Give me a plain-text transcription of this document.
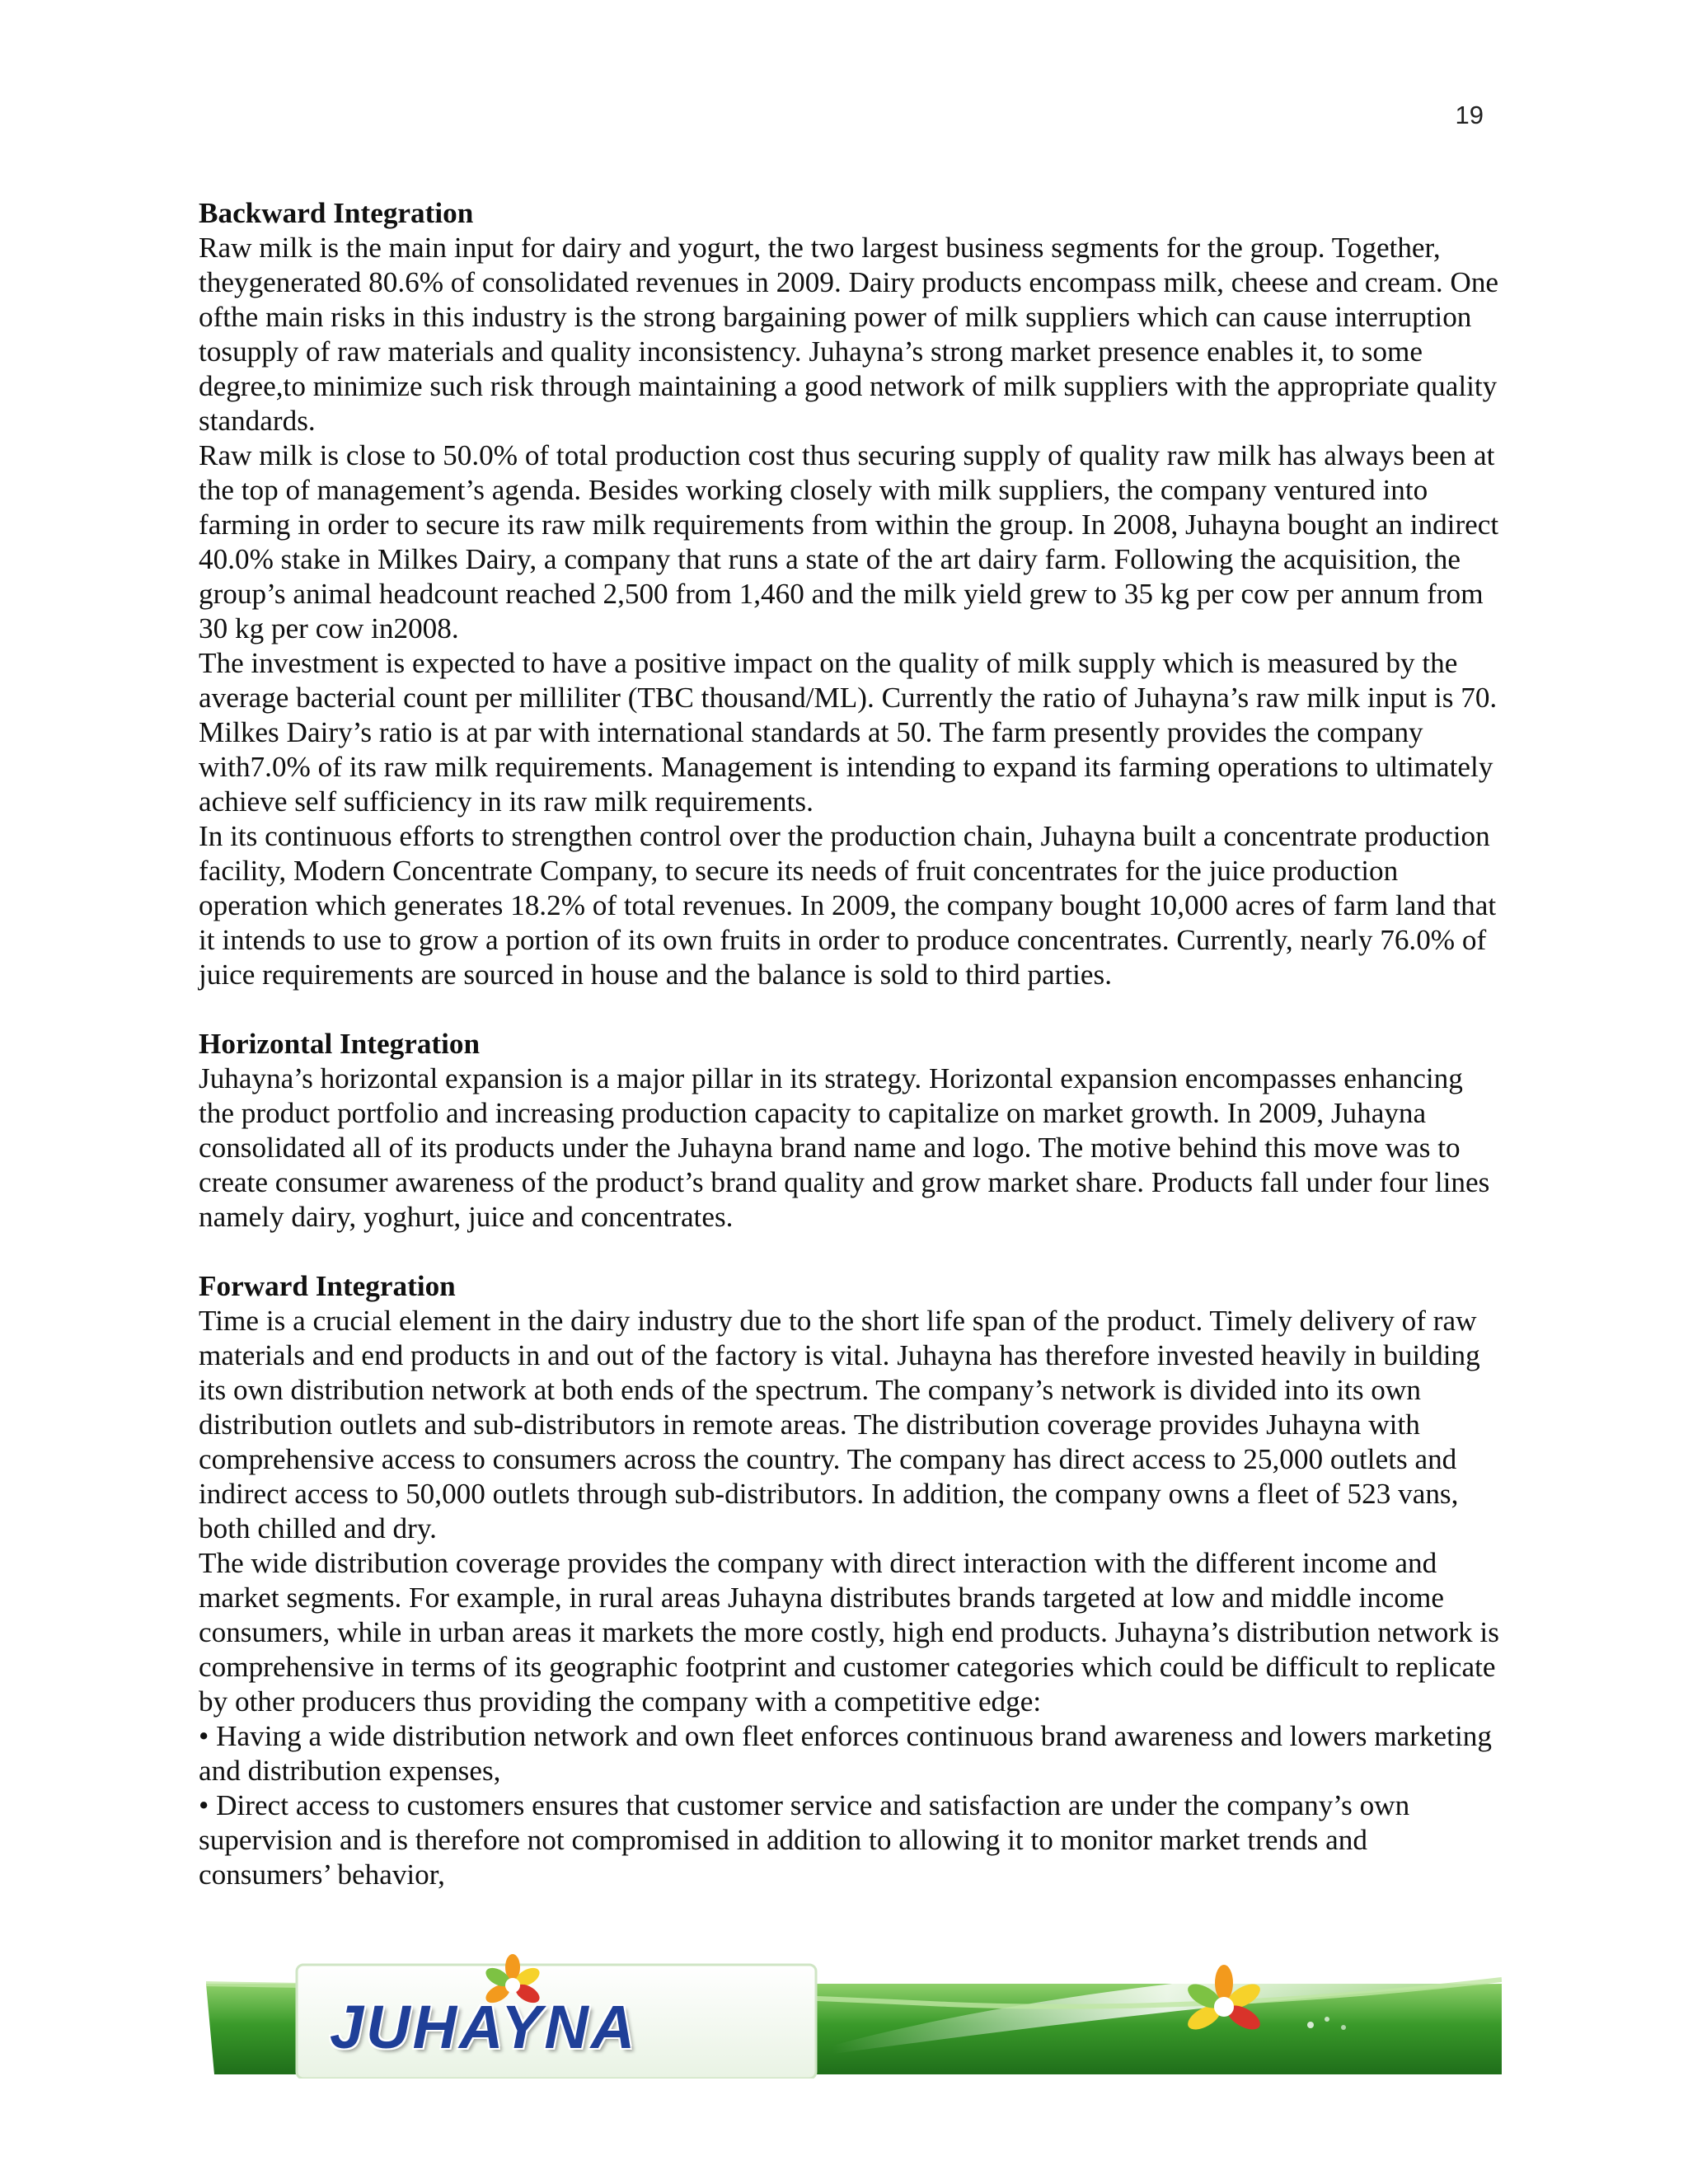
19

Backward Integration

Raw milk is the main input for dairy and yogurt, the two largest business segments for the group. Together, theygenerated 80.6% of consolidated revenues in 2009. Dairy products encompass milk, cheese and cream. One ofthe main risks in this industry is the strong bargaining power of milk suppliers which can cause interruption tosupply of raw materials and quality inconsistency. Juhayna’s strong market presence enables it, to some degree,to minimize such risk through maintaining a good network of milk suppliers with the appropriate quality standards.

Raw milk is close to 50.0% of total production cost thus securing supply of quality raw milk has always been at the top of management’s agenda. Besides working closely with milk suppliers, the company ventured into farming in order to secure its raw milk requirements from within the group. In 2008, Juhayna bought an indirect 40.0% stake in Milkes Dairy, a company that runs a state of the art dairy farm. Following the acquisition, the group’s animal headcount reached 2,500 from 1,460 and the milk yield grew to 35 kg per cow per annum from 30 kg per cow in2008.

The investment is expected to have a positive impact on the quality of milk supply which is measured by the average bacterial count per milliliter (TBC thousand/ML). Currently the ratio of Juhayna’s raw milk input is 70.

Milkes Dairy’s ratio is at par with international standards at 50. The farm presently provides the company with7.0% of its raw milk requirements. Management is intending to expand its farming operations to ultimately achieve self sufficiency in its raw milk requirements.

In its continuous efforts to strengthen control over the production chain, Juhayna built a concentrate production facility, Modern Concentrate Company, to secure its needs of fruit concentrates for the juice production operation which generates 18.2% of total revenues. In 2009, the company bought 10,000 acres of farm land that it intends to use to grow a portion of its own fruits in order to produce concentrates. Currently, nearly 76.0% of juice requirements are sourced in house and the balance is sold to third parties.

Horizontal Integration

Juhayna’s horizontal expansion is a major pillar in its strategy. Horizontal expansion encompasses enhancing the product portfolio and increasing production capacity to capitalize on market growth. In 2009, Juhayna consolidated all of its products under the Juhayna brand name and logo. The motive behind this move was to create consumer awareness of the product’s brand quality and grow market share. Products fall under four lines namely dairy, yoghurt, juice and concentrates.

Forward Integration

Time is a crucial element in the dairy industry due to the short life span of the product. Timely delivery of raw materials and end products in and out of the factory is vital. Juhayna has therefore invested heavily in building its own distribution network at both ends of the spectrum. The company’s network is divided into its own distribution outlets and sub-distributors in remote areas. The distribution coverage provides Juhayna with comprehensive access to consumers across the country. The company has direct access to 25,000 outlets and indirect access to 50,000 outlets through sub-distributors. In addition, the company owns a fleet of 523 vans, both chilled and dry.

The wide distribution coverage provides the company with direct interaction with the different income and market segments. For example, in rural areas Juhayna distributes brands targeted at low and middle income consumers, while in urban areas it markets the more costly, high end products. Juhayna’s distribution network is comprehensive in terms of its geographic footprint and customer categories which could be difficult to replicate by other producers thus providing the company with a competitive edge:

• Having a wide distribution network and own fleet enforces continuous brand awareness and lowers marketing and distribution expenses,

• Direct access to customers ensures that customer service and satisfaction are under the company’s own supervision and is therefore not compromised in addition to allowing it to monitor market trends and consumers’ behavior,

JUHAYNA
